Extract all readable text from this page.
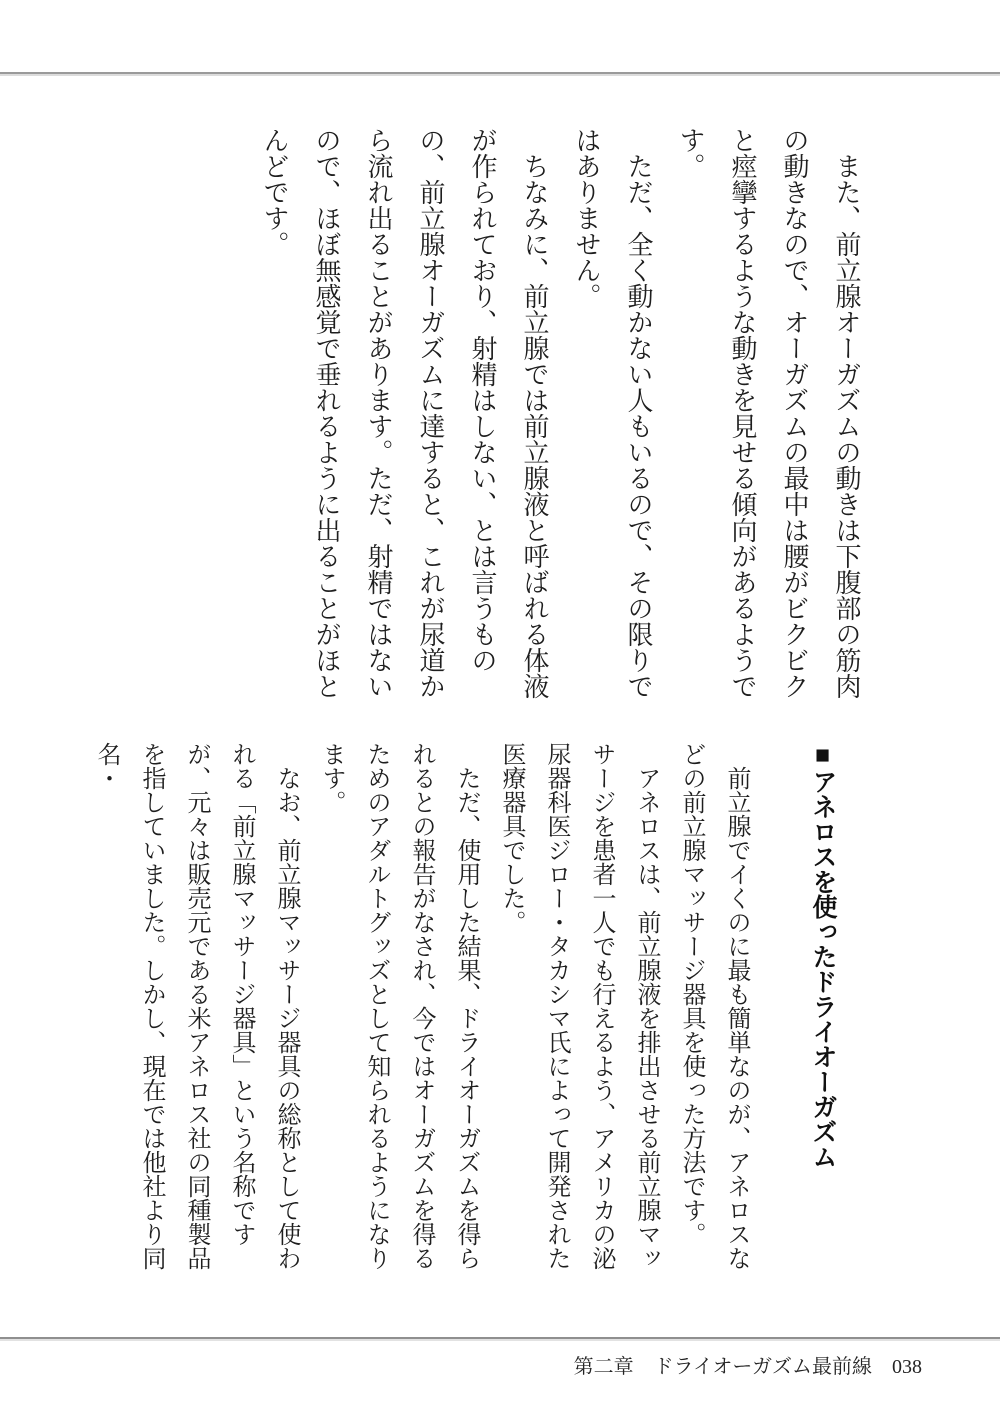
また、前立腺オーガズムの動きは下腹部の筋肉の動きなので、オーガズムの最中は腰がビクビクと痙攣するような動きを見せる傾向があるようです。

ただ、全く動かない人もいるので、その限りではありません。

ちなみに、前立腺では前立腺液と呼ばれる体液が作られており、射精はしない、とは言うものの、前立腺オーガズムに達すると、これが尿道から流れ出ることがあります。ただ、射精ではないので、ほぼ無感覚で垂れるように出ることがほとんどです。

■アネロスを使ったドライオーガズム

前立腺でイくのに最も簡単なのが、アネロスなどの前立腺マッサージ器具を使った方法です。

アネロスは、前立腺液を排出させる前立腺マッサージを患者一人でも行えるよう、アメリカの泌尿器科医ジロー・タカシマ氏によって開発された医療器具でした。

ただ、使用した結果、ドライオーガズムを得られるとの報告がなされ、今ではオーガズムを得るためのアダルトグッズとして知られるようになります。

なお、前立腺マッサージ器具の総称として使われる「前立腺マッサージ器具」という名称ですが、元々は販売元である米アネロス社の同種製品を指していました。しかし、現在では他社より同名・

第二章 ドライオーガズム最前線 038
